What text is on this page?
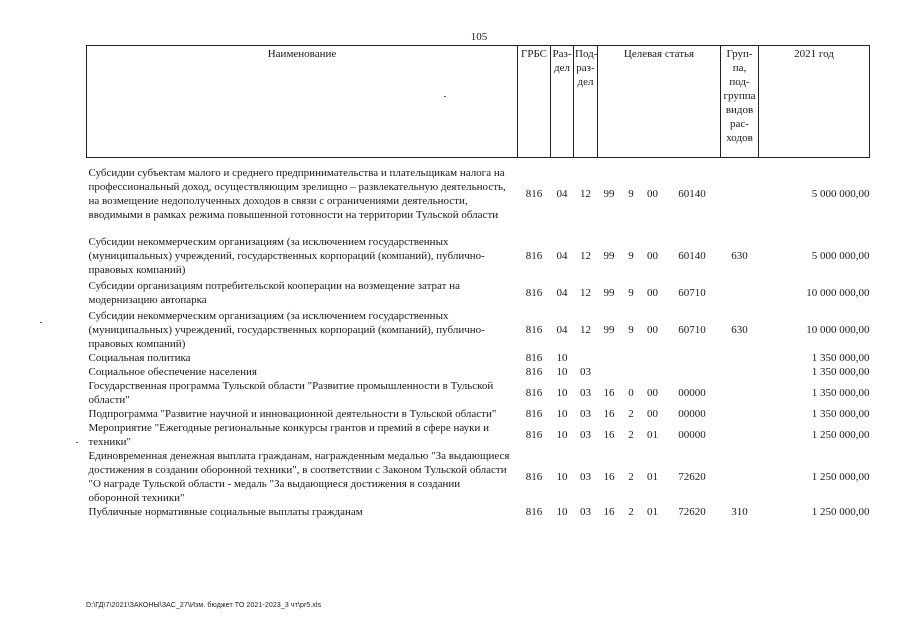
105
Наименование	ГРБС	Раз- дел	Под- раз- дел	Целевая статья				Груп- па, под- группа видов рас- ходов	2021 год
Субсидии субъектам малого и среднего предпринимательства и плательщикам налога на профессиональный доход, осуществляющим зрелищно – развлекательную деятельность, на возмещение недополученных доходов в связи с ограничениями деятельности, вводимыми в рамках режима повышенной готовности на территории Тульской области	816	04	12	99	9	00	60140		5 000 000,00
Субсидии некоммерческим организациям (за исключением государственных (муниципальных) учреждений, государственных корпораций (компаний), публично-правовых компаний)	816	04	12	99	9	00	60140	630	5 000 000,00
Субсидии организациям потребительской кооперации на возмещение затрат на модернизацию автопарка	816	04	12	99	9	00	60710		10 000 000,00
Субсидии некоммерческим организациям (за исключением государственных (муниципальных) учреждений, государственных корпораций (компаний), публично-правовых компаний)	816	04	12	99	9	00	60710	630	10 000 000,00
Социальная политика	816	10							1 350 000,00
Социальное обеспечение населения	816	10	03						1 350 000,00
Государственная программа Тульской области "Развитие промышленности в Тульской области"	816	10	03	16	0	00	00000		1 350 000,00
Подпрограмма "Развитие научной и инновационной деятельности в Тульской области"	816	10	03	16	2	00	00000		1 350 000,00
Мероприятие "Ежегодные региональные конкурсы грантов и премий в сфере науки и техники"	816	10	03	16	2	01	00000		1 250 000,00
Единовременная денежная выплата гражданам, награжденным медалью "За выдающиеся достижения в создании оборонной техники", в соответствии с Законом Тульской области "О награде Тульской области - медаль "За выдающиеся достижения в создании оборонной техники"	816	10	03	16	2	01	72620		1 250 000,00
Публичные нормативные социальные выплаты гражданам	816	10	03	16	2	01	72620	310	1 250 000,00
D:\ГД\7\2021\ЗАКОНЫ\ЗАС_27\Изм. бюджет ТО 2021-2023_3 чт\pr5.xls
